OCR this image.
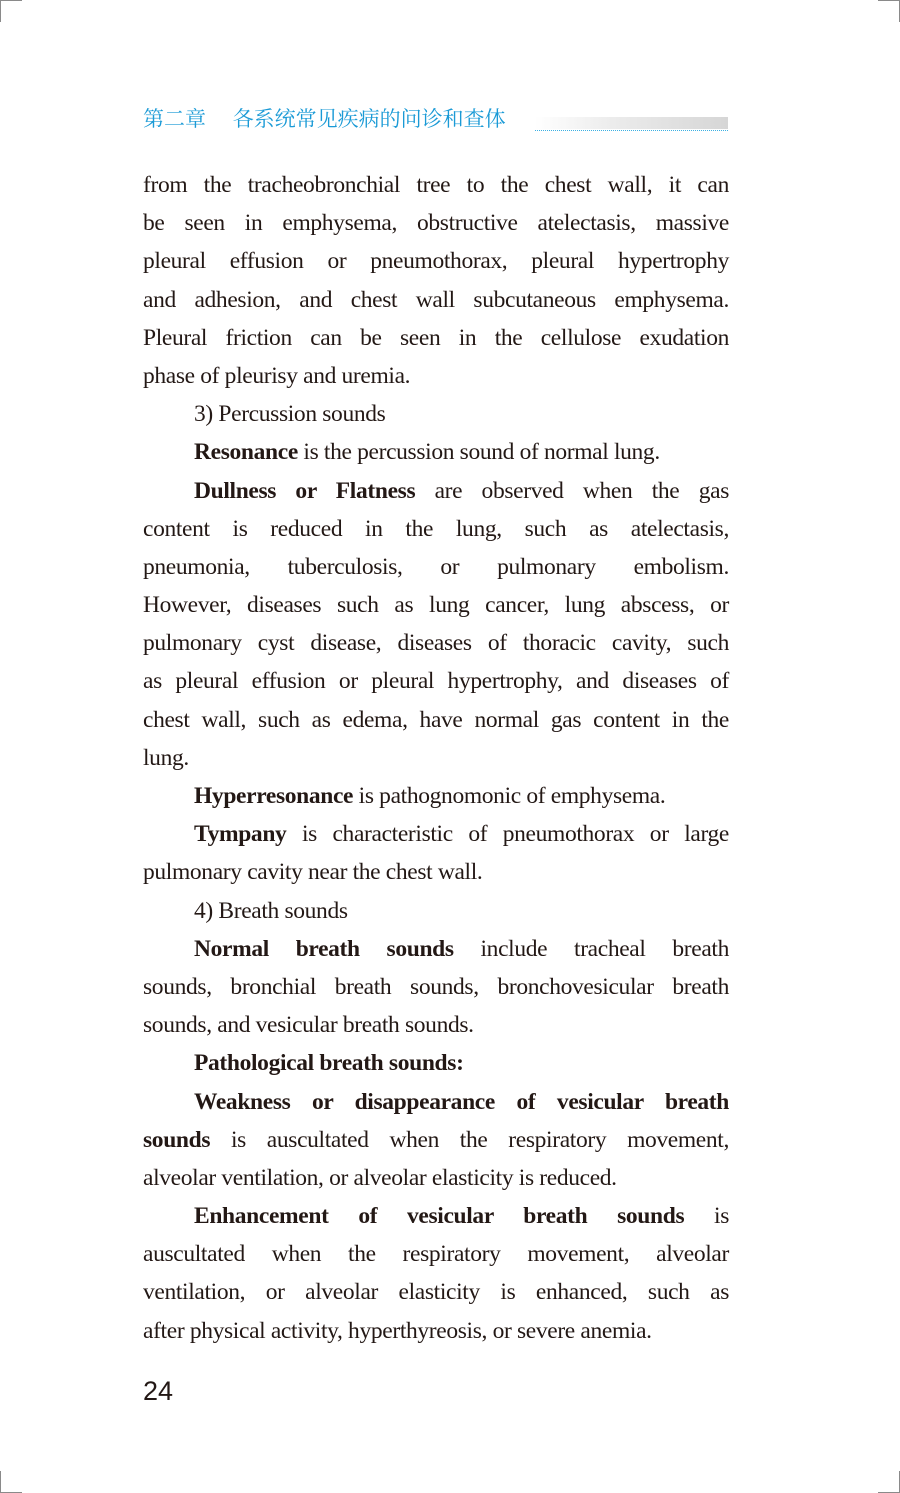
第二章 各系统常见疾病的问诊和查体
from the tracheobronchial tree to the chest wall, it can
be seen in emphysema, obstructive atelectasis, massive
pleural effusion or pneumothorax, pleural hypertrophy
and adhesion, and chest wall subcutaneous emphysema.
Pleural friction can be seen in the cellulose exudation
phase of pleurisy and uremia.
3) Percussion sounds
Resonance is the percussion sound of normal lung.
Dullness or Flatness are observed when the gas
content is reduced in the lung, such as atelectasis,
pneumonia, tuberculosis, or pulmonary embolism.
However, diseases such as lung cancer, lung abscess, or
pulmonary cyst disease, diseases of thoracic cavity, such
as pleural effusion or pleural hypertrophy, and diseases of
chest wall, such as edema, have normal gas content in the
lung.
Hyperresonance is pathognomonic of emphysema.
Tympany is characteristic of pneumothorax or large
pulmonary cavity near the chest wall.
4) Breath sounds
Normal breath sounds include tracheal breath
sounds, bronchial breath sounds, bronchovesicular breath
sounds, and vesicular breath sounds.
Pathological breath sounds:
Weakness or disappearance of vesicular breath
sounds is auscultated when the respiratory movement,
alveolar ventilation, or alveolar elasticity is reduced.
Enhancement of vesicular breath sounds is
auscultated when the respiratory movement, alveolar
ventilation, or alveolar elasticity is enhanced, such as
after physical activity, hyperthyreosis, or severe anemia.
24
